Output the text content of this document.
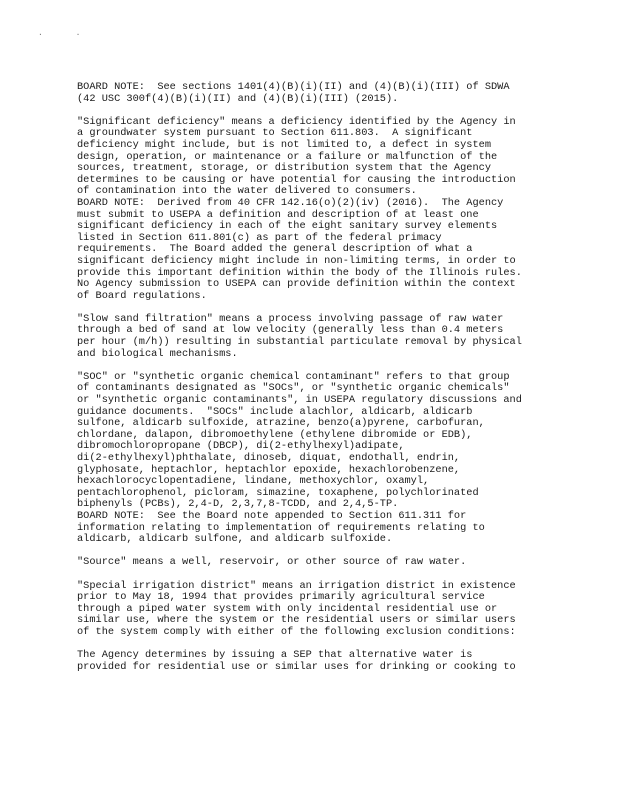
· ·
BOARD NOTE:  See sections 1401(4)(B)(i)(II) and (4)(B)(i)(III) of SDWA
(42 USC 300f(4)(B)(i)(II) and (4)(B)(i)(III) (2015).
"Significant deficiency" means a deficiency identified by the Agency in
a groundwater system pursuant to Section 611.803.  A significant
deficiency might include, but is not limited to, a defect in system
design, operation, or maintenance or a failure or malfunction of the
sources, treatment, storage, or distribution system that the Agency
determines to be causing or have potential for causing the introduction
of contamination into the water delivered to consumers.
BOARD NOTE:  Derived from 40 CFR 142.16(o)(2)(iv) (2016).  The Agency
must submit to USEPA a definition and description of at least one
significant deficiency in each of the eight sanitary survey elements
listed in Section 611.801(c) as part of the federal primacy
requirements.  The Board added the general description of what a
significant deficiency might include in non-limiting terms, in order to
provide this important definition within the body of the Illinois rules.
No Agency submission to USEPA can provide definition within the context
of Board regulations.
"Slow sand filtration" means a process involving passage of raw water
through a bed of sand at low velocity (generally less than 0.4 meters
per hour (m/h)) resulting in substantial particulate removal by physical
and biological mechanisms.
"SOC" or "synthetic organic chemical contaminant" refers to that group
of contaminants designated as "SOCs", or "synthetic organic chemicals"
or "synthetic organic contaminants", in USEPA regulatory discussions and
guidance documents.  "SOCs" include alachlor, aldicarb, aldicarb
sulfone, aldicarb sulfoxide, atrazine, benzo(a)pyrene, carbofuran,
chlordane, dalapon, dibromoethylene (ethylene dibromide or EDB),
dibromochloropropane (DBCP), di(2-ethylhexyl)adipate,
di(2-ethylhexyl)phthalate, dinoseb, diquat, endothall, endrin,
glyphosate, heptachlor, heptachlor epoxide, hexachlorobenzene,
hexachlorocyclopentadiene, lindane, methoxychlor, oxamyl,
pentachlorophenol, picloram, simazine, toxaphene, polychlorinated
biphenyls (PCBs), 2,4-D, 2,3,7,8-TCDD, and 2,4,5-TP.
BOARD NOTE:  See the Board note appended to Section 611.311 for
information relating to implementation of requirements relating to
aldicarb, aldicarb sulfone, and aldicarb sulfoxide.
"Source" means a well, reservoir, or other source of raw water.
"Special irrigation district" means an irrigation district in existence
prior to May 18, 1994 that provides primarily agricultural service
through a piped water system with only incidental residential use or
similar use, where the system or the residential users or similar users
of the system comply with either of the following exclusion conditions:
The Agency determines by issuing a SEP that alternative water is
provided for residential use or similar uses for drinking or cooking to
